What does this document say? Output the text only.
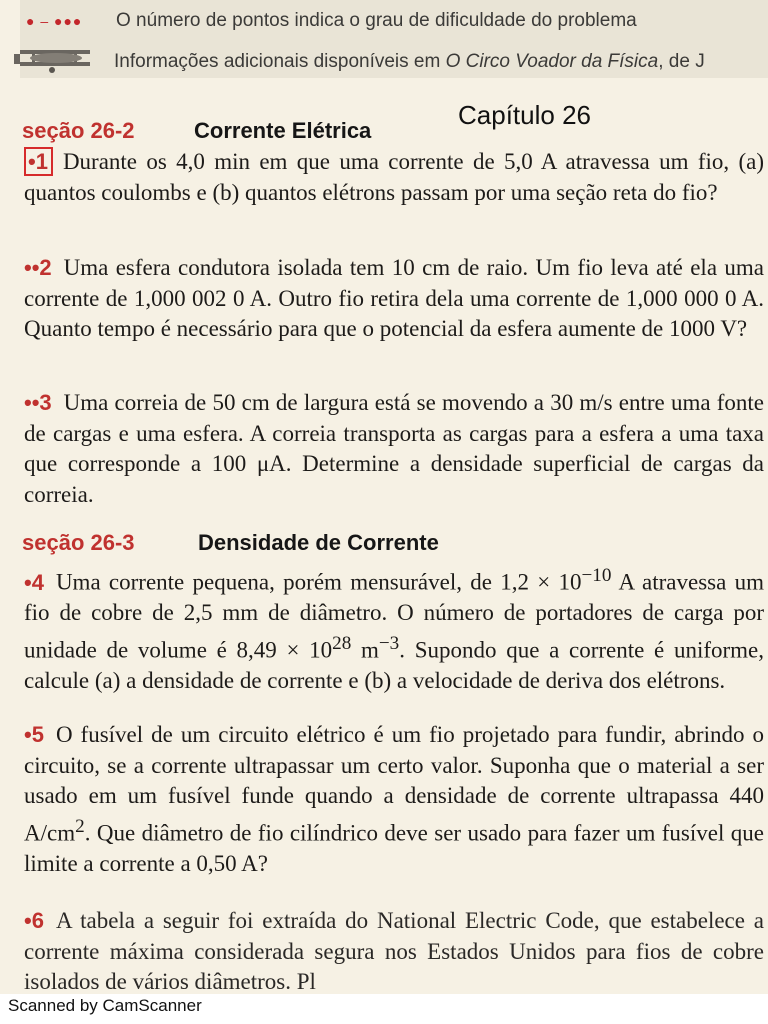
● – ●●●	O número de pontos indica o grau de dificuldade do problema
Informações adicionais disponíveis em O Circo Voador da Física, de J
Capítulo 26
seção 26-2	Corrente Elétrica
•1 Durante os 4,0 min em que uma corrente de 5,0 A atravessa um fio, (a) quantos coulombs e (b) quantos elétrons passam por uma seção reta do fio?
••2 Uma esfera condutora isolada tem 10 cm de raio. Um fio leva até ela uma corrente de 1,000 002 0 A. Outro fio retira dela uma corrente de 1,000 000 0 A. Quanto tempo é necessário para que o potencial da esfera aumente de 1000 V?
••3 Uma correia de 50 cm de largura está se movendo a 30 m/s entre uma fonte de cargas e uma esfera. A correia transporta as cargas para a esfera a uma taxa que corresponde a 100 μA. Determine a densidade superficial de cargas da correia.
seção 26-3	Densidade de Corrente
•4 Uma corrente pequena, porém mensurável, de $1,2 \times 10^{-10}$ A atravessa um fio de cobre de 2,5 mm de diâmetro. O número de portadores de carga por unidade de volume é $8,49 \times 10^{28}$ $m^{-3}$. Supondo que a corrente é uniforme, calcule (a) a densidade de corrente e (b) a velocidade de deriva dos elétrons.
•5 O fusível de um circuito elétrico é um fio projetado para fundir, abrindo o circuito, se a corrente ultrapassar um certo valor. Suponha que o material a ser usado em um fusível funde quando a densidade de corrente ultrapassa 440 $A/cm^2$. Que diâmetro de fio cilíndrico deve ser usado para fazer um fusível que limite a corrente a 0,50 A?
•6 A tabela a seguir foi extraída do National Electric Code, que estabelece a corrente máxima considerada segura nos Estados Unidos para fios de cobre isolados de vários diâmetros. Pl
Scanned by CamScanner
